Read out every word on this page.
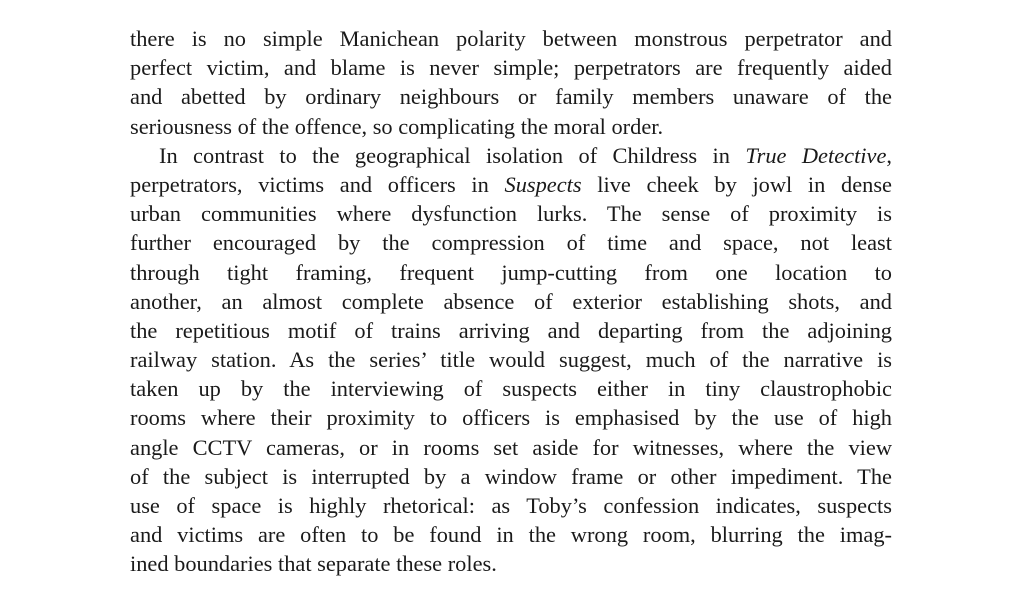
there is no simple Manichean polarity between monstrous perpetrator and
perfect victim, and blame is never simple; perpetrators are frequently aided
and abetted by ordinary neighbours or family members unaware of the
seriousness of the offence, so complicating the moral order.
In contrast to the geographical isolation of Childress in True Detective,
perpetrators, victims and officers in Suspects live cheek by jowl in dense
urban communities where dysfunction lurks. The sense of proximity is
further encouraged by the compression of time and space, not least
through tight framing, frequent jump-cutting from one location to
another, an almost complete absence of exterior establishing shots, and
the repetitious motif of trains arriving and departing from the adjoining
railway station. As the series’ title would suggest, much of the narrative is
taken up by the interviewing of suspects either in tiny claustrophobic
rooms where their proximity to officers is emphasised by the use of high
angle CCTV cameras, or in rooms set aside for witnesses, where the view
of the subject is interrupted by a window frame or other impediment. The
use of space is highly rhetorical: as Toby’s confession indicates, suspects
and victims are often to be found in the wrong room, blurring the imag-
ined boundaries that separate these roles.
